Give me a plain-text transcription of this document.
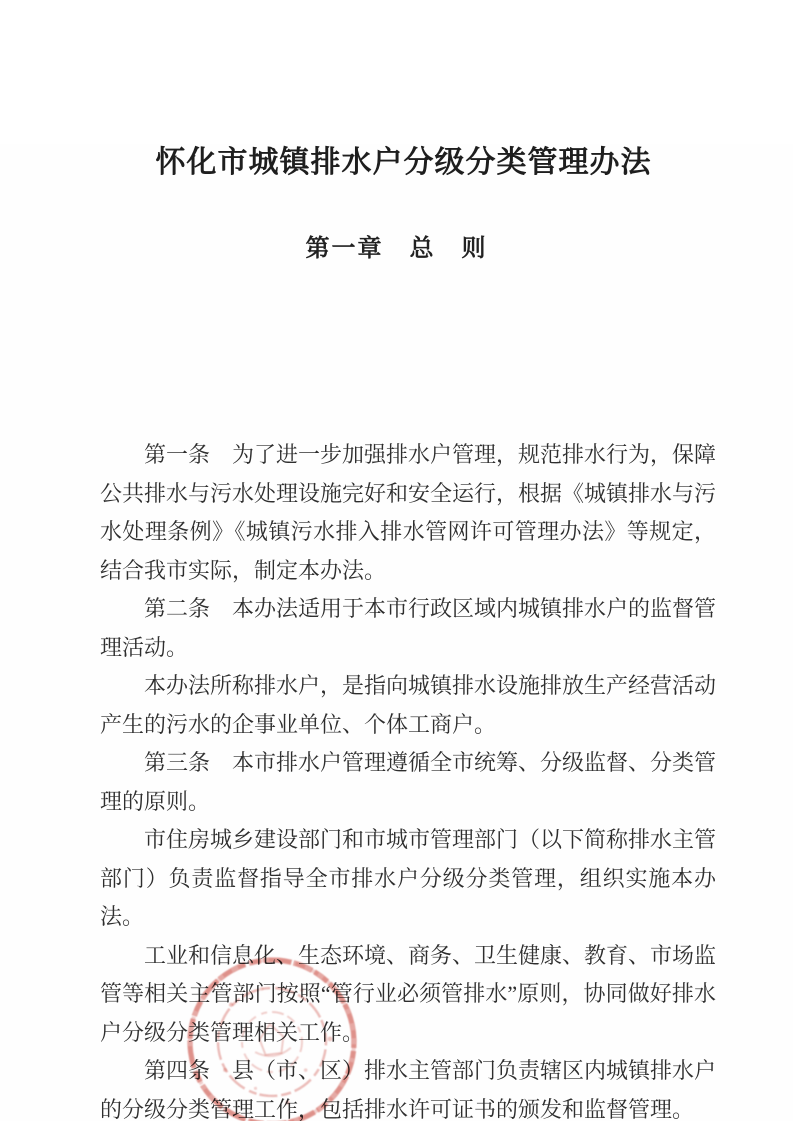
怀化市城镇排水户分级分类管理办法
第一章　总　则

第一条　为了进一步加强排水户管理，规范排水行为，保障公共排水与污水处理设施完好和安全运行，根据《城镇排水与污水处理条例》《城镇污水排入排水管网许可管理办法》等规定，结合我市实际，制定本办法。

第二条　本办法适用于本市行政区域内城镇排水户的监督管理活动。

本办法所称排水户，是指向城镇排水设施排放生产经营活动产生的污水的企事业单位、个体工商户。

第三条　本市排水户管理遵循全市统筹、分级监督、分类管理的原则。

市住房城乡建设部门和市城市管理部门（以下简称排水主管部门）负责监督指导全市排水户分级分类管理，组织实施本办法。

工业和信息化、生态环境、商务、卫生健康、教育、市场监管等相关主管部门按照“管行业必须管排水”原则，协同做好排水户分级分类管理相关工作。

第四条　县（市、区）排水主管部门负责辖区内城镇排水户的分级分类管理工作，包括排水许可证书的颁发和监督管理。
